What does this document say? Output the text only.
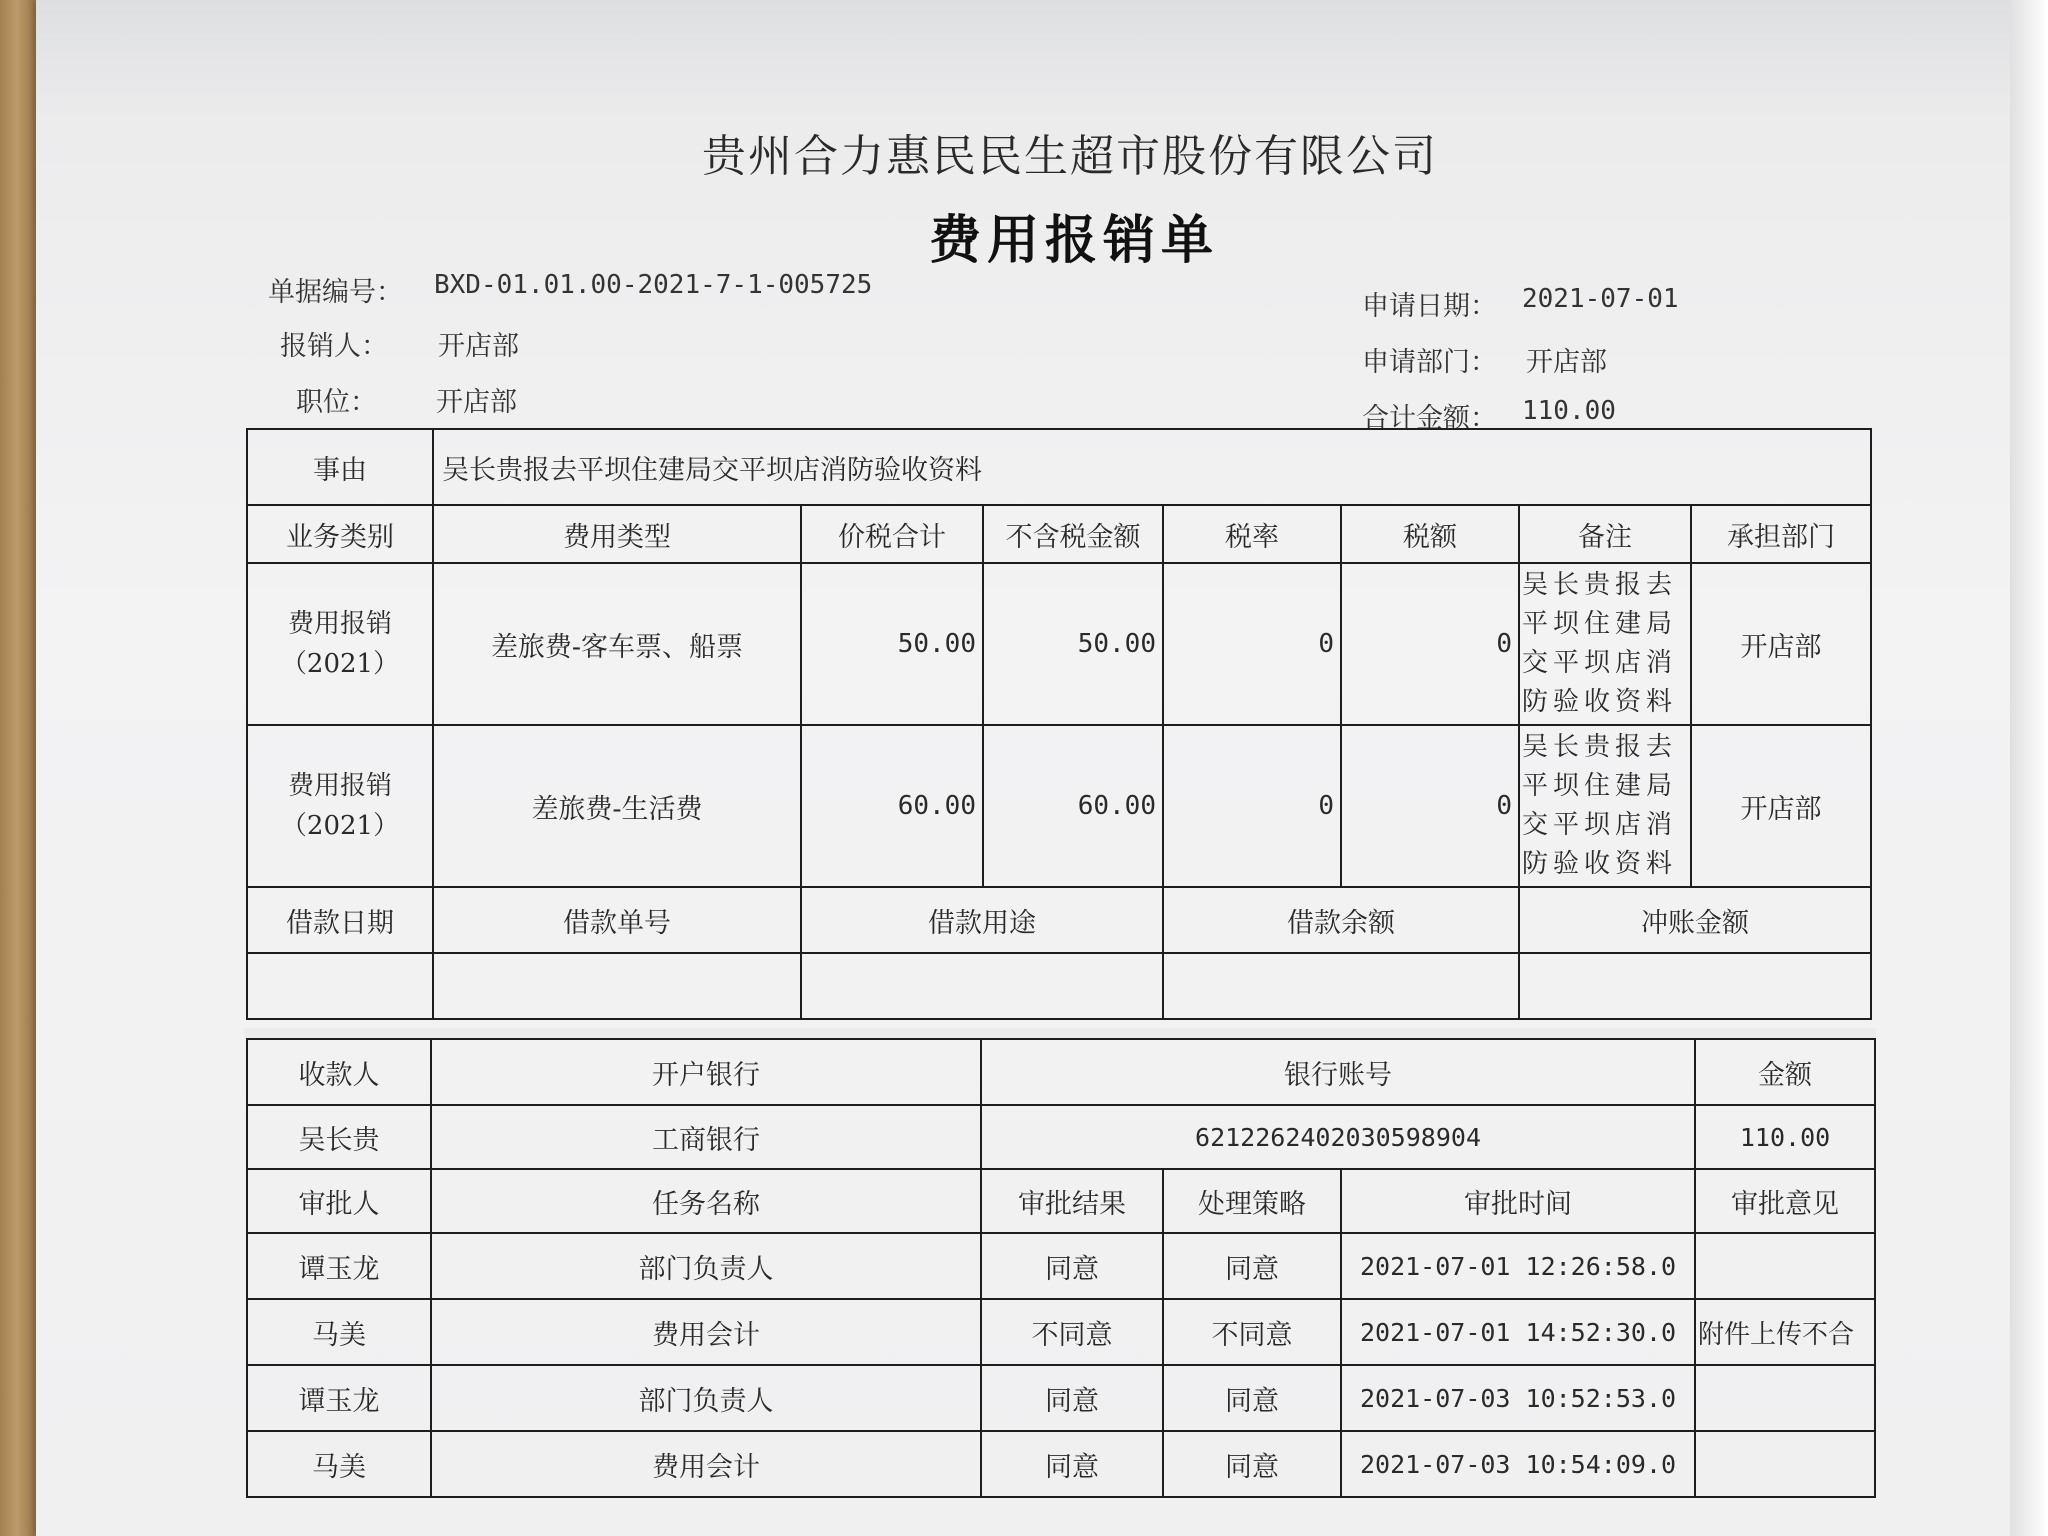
贵州合力惠民民生超市股份有限公司
费用报销单
单据编号： BXD-01.01.00-2021-7-1-005725
报销人： 开店部
职位： 开店部
申请日期： 2021-07-01
申请部门： 开店部
合计金额： 110.00
事由	吴长贵报去平坝住建局交平坝店消防验收资料						
业务类别	费用类型	价税合计	不含税金额	税率	税额	备注	承担部门
费用报销（2021）	差旅费-客车票、船票	50.00	50.00	0	0	吴长贵报去平坝住建局交平坝店消防验收资料	开店部
费用报销（2021）	差旅费-生活费	60.00	60.00	0	0	吴长贵报去平坝住建局交平坝店消防验收资料	开店部
借款日期	借款单号	借款用途		借款余额		冲账金额	

收款人	开户银行	银行账号			金额
吴长贵	工商银行	6212262402030598904			110.00
审批人	任务名称	审批结果	处理策略	审批时间	审批意见
谭玉龙	部门负责人	同意	同意	2021-07-01 12:26:58.0	
马美	费用会计	不同意	不同意	2021-07-01 14:52:30.0	附件上传不合
谭玉龙	部门负责人	同意	同意	2021-07-03 10:52:53.0	
马美	费用会计	同意	同意	2021-07-03 10:54:09.0	
